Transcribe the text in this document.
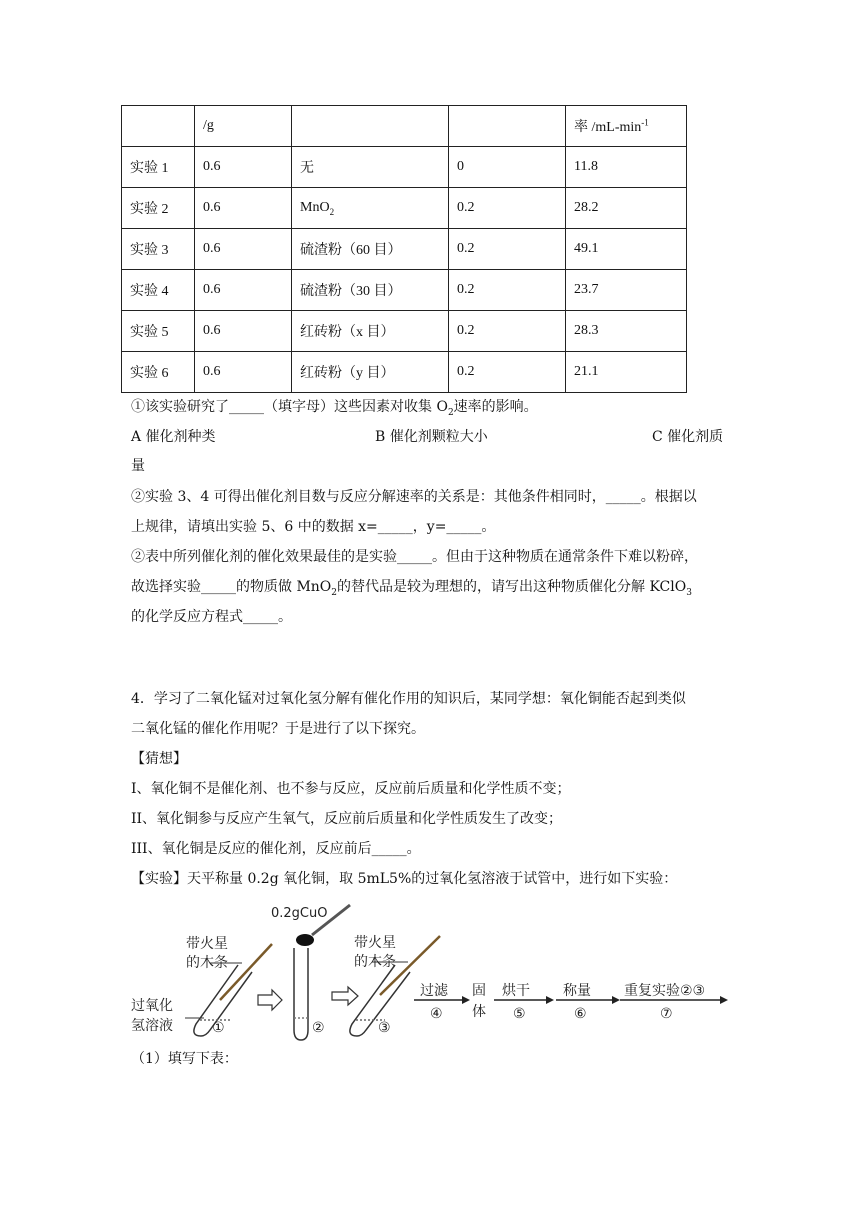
	/g			率 $/mL-\min^{-1}$
实验 1	0.6	无	0	11.8
实验 2	0.6	MnO$_2$	0.2	28.2
实验 3	0.6	硫渣粉（60 目）	0.2	49.1
实验 4	0.6	硫渣粉（30 目）	0.2	23.7
实验 5	0.6	红砖粉（x 目）	0.2	28.3
实验 6	0.6	红砖粉（y 目）	0.2	21.1
①该实验研究了_____（填字母）这些因素对收集 $O_2$速率的影响。
A 催化剂种类	B 催化剂颗粒大小	C 催化剂质
量
②实验 3、4 可得出催化剂目数与反应分解速率的关系是：其他条件相同时，_____。根据以
上规律，请填出实验 5、6 中的数据 x=_____，y=_____。
②表中所列催化剂的催化效果最佳的是实验_____。但由于这种物质在通常条件下难以粉碎，
故选择实验_____的物质做 MnO$_2$的替代品是较为理想的，请写出这种物质催化分解 KClO$_3$
的化学反应方程式_____。
4．学习了二氧化锰对过氧化氢分解有催化作用的知识后，某同学想：氧化铜能否起到类似
二氧化锰的催化作用呢？于是进行了以下探究。
【猜想】
I、氧化铜不是催化剂、也不参与反应，反应前后质量和化学性质不变；
II、氧化铜参与反应产生氧气，反应前后质量和化学性质发生了改变；
III、氧化铜是反应的催化剂，反应前后_____。
【实验】天平称量 0.2g 氧化铜，取 5mL5%的过氧化氢溶液于试管中，进行如下实验：
带火星
的木条
过氧化
氢溶液	①	②
0.2gCuO
带火星
的木条
③
过滤
④
固
体
烘干
⑤
称量
⑥
重复实验②③
⑦
（1）填写下表：
